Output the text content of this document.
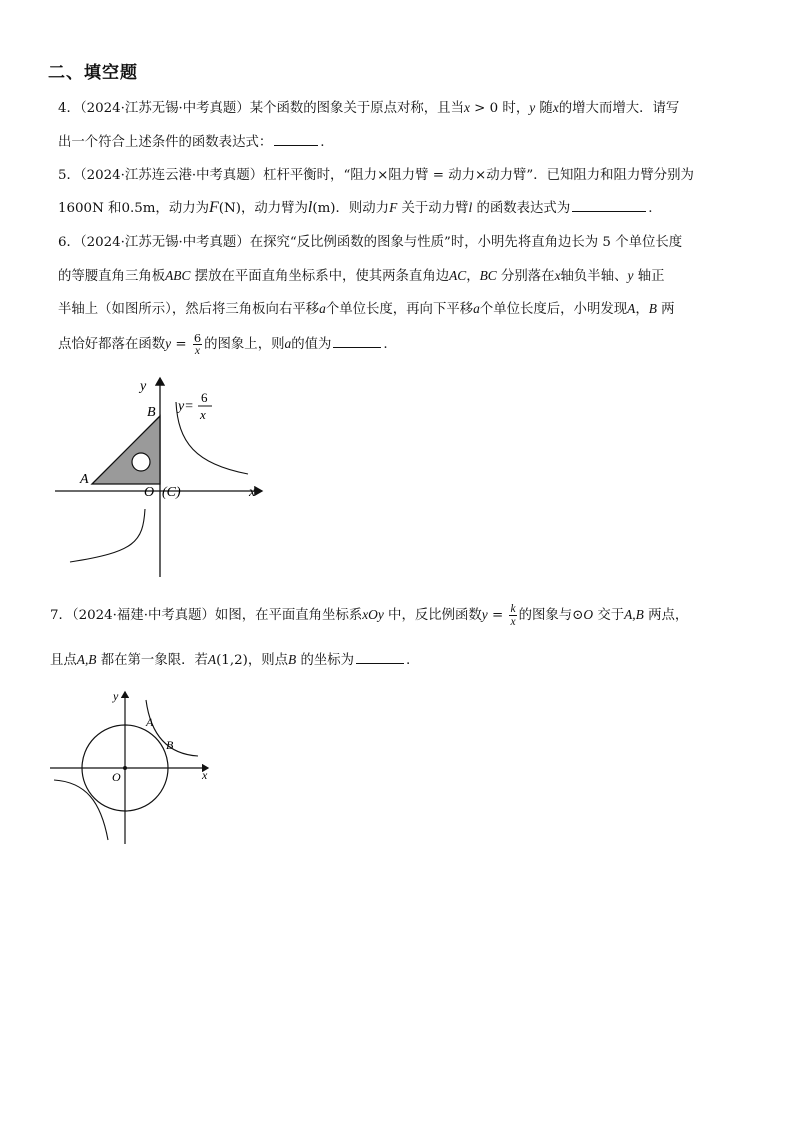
二、填空题
4．（2024·江苏无锡·中考真题）某个函数的图象关于原点对称，且当x > 0 时，y 随x的增大而增大．请写
出一个符合上述条件的函数表达式：	.
5．（2024·江苏连云港·中考真题）杠杆平衡时，“阻力×阻力臂 = 动力×动力臂”．已知阻力和阻力臂分别为
1600N 和0.5m，动力为F(N)，动力臂为l(m)．则动力F 关于动力臂l 的函数表达式为	.
6．（2024·江苏无锡·中考真题）在探究“反比例函数的图象与性质”时，小明先将直角边长为 5 个单位长度
的等腰直角三角板ABC 摆放在平面直角坐标系中，使其两条直角边AC，BC 分别落在x轴负半轴、y 轴正
半轴上（如图所示），然后将三角板向右平移a个单位长度，再向下平移a个单位长度后，小明发现A，B 两
点恰好都落在函数$y = \frac{6}{x}$ 的图象上，则a的值为	.
y
x
A
B
O (C)
y=
6
x
7．（2024·福建·中考真题）如图，在平面直角坐标系xOy 中，反比例函数$y = \frac{k}{x}$ 的图象与⊙O 交于A,B 两点，
且点A,B 都在第一象限．若A(1,2)，则点B 的坐标为	.
y
x
A
B
O
